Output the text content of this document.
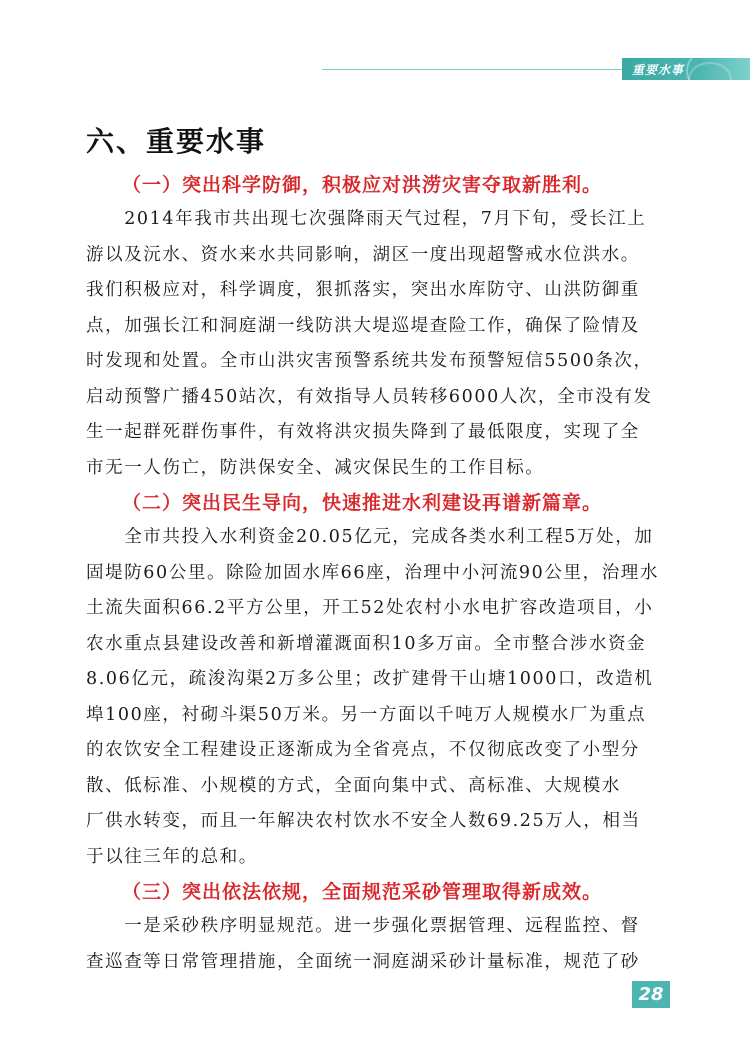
重要水事
六、重要水事
（一）突出科学防御，积极应对洪涝灾害夺取新胜利。

　　2014年我市共出现七次强降雨天气过程，7月下旬，受长江上

游以及沅水、资水来水共同影响，湖区一度出现超警戒水位洪水。

我们积极应对，科学调度，狠抓落实，突出水库防守、山洪防御重

点，加强长江和洞庭湖一线防洪大堤巡堤查险工作，确保了险情及

时发现和处置。全市山洪灾害预警系统共发布预警短信5500条次，

启动预警广播450站次，有效指导人员转移6000人次，全市没有发

生一起群死群伤事件，有效将洪灾损失降到了最低限度，实现了全

市无一人伤亡，防洪保安全、减灾保民生的工作目标。

（二）突出民生导向，快速推进水利建设再谱新篇章。

　　全市共投入水利资金20.05亿元，完成各类水利工程5万处，加

固堤防60公里。除险加固水库66座，治理中小河流90公里，治理水

土流失面积66.2平方公里，开工52处农村小水电扩容改造项目，小

农水重点县建设改善和新增灌溉面积10多万亩。全市整合涉水资金

8.06亿元，疏浚沟渠2万多公里；改扩建骨干山塘1000口，改造机

埠100座，衬砌斗渠50万米。另一方面以千吨万人规模水厂为重点

的农饮安全工程建设正逐渐成为全省亮点，不仅彻底改变了小型分

散、低标准、小规模的方式，全面向集中式、高标准、大规模水

厂供水转变，而且一年解决农村饮水不安全人数69.25万人，相当

于以往三年的总和。

（三）突出依法依规，全面规范采砂管理取得新成效。

　　一是采砂秩序明显规范。进一步强化票据管理、远程监控、督

查巡查等日常管理措施，全面统一洞庭湖采砂计量标准，规范了砂

28
